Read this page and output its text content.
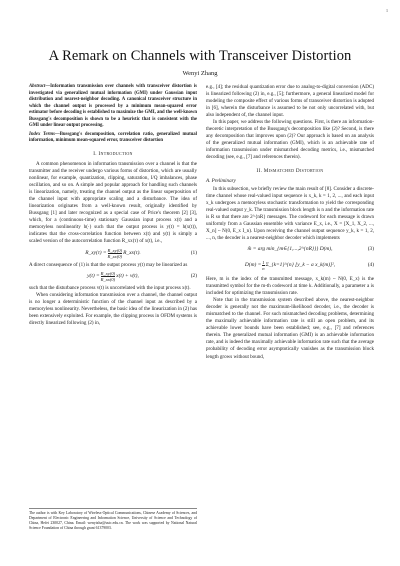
1
A Remark on Channels with Transceiver Distortion
Wenyi Zhang
Abstract—Information transmission over channels with transceiver distortion is investigated via generalized mutual information (GMI) under Gaussian input distribution and nearest-neighbor decoding. A canonical transceiver structure in which the channel output is processed by a minimum mean-squared error estimator before decoding is established to maximize the GMI, and the well-known Bussgang's decomposition is shown to be a heuristic that is consistent with the GMI under linear output processing.
Index Terms—Bussgang's decomposition, correlation ratio, generalized mutual information, minimum mean-squared error, transceiver distortion
I. Introduction

A common phenomenon in information transmission over a channel is that the transmitter and the receiver undergo various forms of distortion, which are usually nonlinear, for example, quantization, clipping, saturation, I/Q imbalances, phase oscillation, and so on. A simple and popular approach for handling such channels is linearization, namely, treating the channel output as the linear superposition of the channel input with appropriate scaling and a disturbance. The idea of linearization originates from a well-known result, originally identified by Bussgang [1] and later recognized as a special case of Price's theorem [2] [3], which, for a (continuous-time) stationary Gaussian input process x(t) and a memoryless nonlinearity h(·) such that the output process is y(t) = h(x(t)), indicates that the cross-correlation function between x(t) and y(t) is simply a scaled version of the autocorrelation function R_xx(τ) of x(t), i.e.,

R_xy(τ) = $\frac{R\_xy(0)}{R\_xx(0)}$ R_xx(τ).	(1)

A direct consequence of (1) is that the output process y(t) may be linearized as

$y(t) = \frac{R\_xy(0)}{R\_xx(0)} x(t) + v(t)$,	(2)

such that the disturbance process v(t) is uncorrelated with the input process x(t).

When considering information transmission over a channel, the channel output is no longer a deterministic function of the channel input as described by a memoryless nonlinearity. Nevertheless, the basic idea of the linearization in (2) has been extensively exploited. For example, the clipping process in OFDM systems is directly linearized following (2) in,

e.g., [4]; the residual quantization error due to analog-to-digital conversion (ADC) is linearized following (2) in, e.g., [5]; furthermore, a general linearized model for modeling the composite effect of various forms of transceiver distortion is adopted in [6], wherein the disturbance is assumed to be not only uncorrelated with, but also independent of, the channel input.

In this paper, we address the following questions. First, is there an information-theoretic interpretation of the Bussgang's decomposition like (2)? Second, is there any decomposition that improves upon (2)? Our approach is based on an analysis of the generalized mutual information (GMI), which is an achievable rate of information transmission under mismatched decoding metrics, i.e., mismatched decoding (see, e.g., [7] and references therein).

II. Mismatched Distortion
A. Preliminary

In this subsection, we briefly review the main result of [8]. Consider a discrete-time channel whose real-valued input sequence is x_k, k = 1, 2, ..., and each input x_k undergoes a memoryless stochastic transformation to yield the corresponding real-valued output y_k. The transmission block length is n and the information rate is R so that there are 2^{nR} messages. The codeword for each message is drawn uniformly from a Gaussian ensemble with variance E_x, i.e., X = [X_1, X_2, ..., X_n] ~ N(0, E_x I_n). Upon receiving the channel output sequence y_k, k = 1, 2, ..., n, the decoder is a nearest-neighbor decoder which implements

m̂ = arg min_{m∈{1,...,2^{nR}}} D(m),	(3)
$D(m) = \frac{1}{n}$ Σ_{k=1}^{n} [y_k − a x_k(m)]²,	(4)

Here, m is the index of the transmitted message, x_k(m) ~ N(0, E_x) is the transmitted symbol for the m-th codeword at time k. Additionally, a parameter a is included for optimizing the transmission rate.

Note that in the transmission system described above, the nearest-neighbor decoder is generally not the maximum-likelihood decoder, i.e., the decoder is mismatched to the channel. For such mismatched decoding problems, determining the maximally achievable information rate is still an open problem, and its achievable lower bounds have been established; see, e.g., [7] and references therein. The generalized mutual information (GMI) is an achievable information rate, and is indeed the maximally achievable information rate such that the average probability of decoding error asymptotically vanishes as the transmission block length grows without bound,

The author is with Key Laboratory of Wireless-Optical Communications, Chinese Academy of Sciences, and Department of Electronic Engineering and Information Science, University of Science and Technology of China, Hefei 230027, China. Email: wenyizha@ustc.edu.cn. The work was supported by National Natural Science Foundation of China through grant 61379003.
